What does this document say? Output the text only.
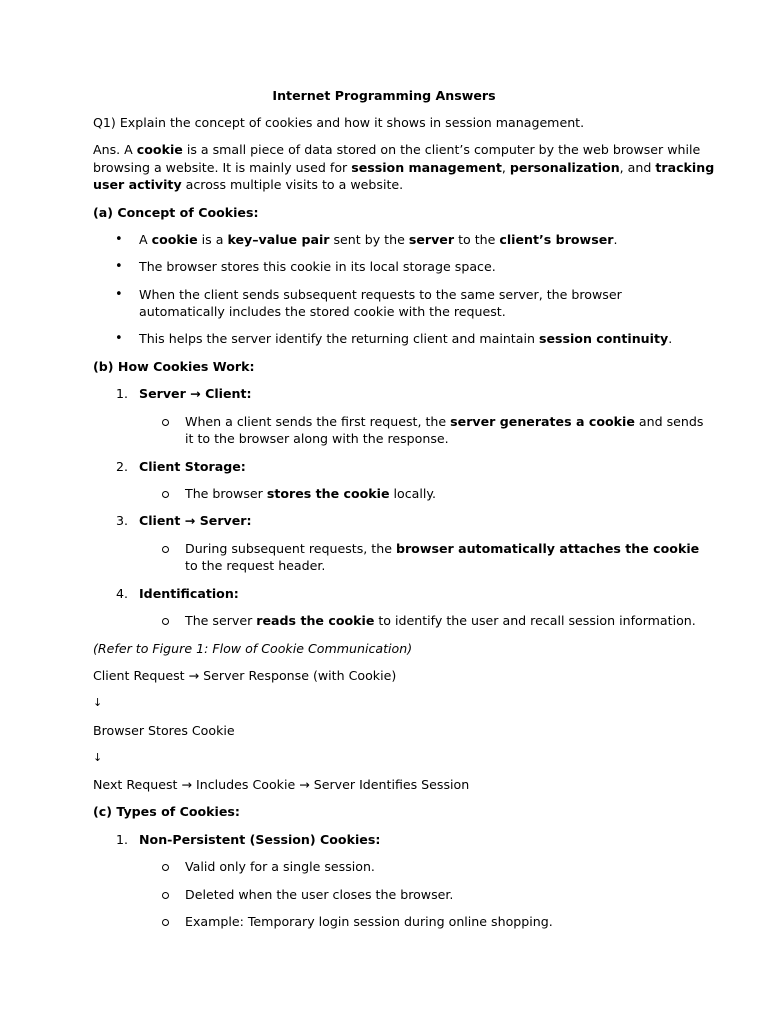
Internet Programming Answers
Q1) Explain the concept of cookies and how it shows in session management.
Ans. A cookie is a small piece of data stored on the client’s computer by the web browser while
browsing a website. It is mainly used for session management, personalization, and tracking
user activity across multiple visits to a website.
(a) Concept of Cookies:
• A cookie is a key–value pair sent by the server to the client’s browser.
• The browser stores this cookie in its local storage space.
• When the client sends subsequent requests to the same server, the browser
automatically includes the stored cookie with the request.
• This helps the server identify the returning client and maintain session continuity.
(b) How Cookies Work:
1. Server → Client:
When a client sends the first request, the server generates a cookie and sends
it to the browser along with the response.
2. Client Storage:
The browser stores the cookie locally.
3. Client → Server:
During subsequent requests, the browser automatically attaches the cookie
to the request header.
4. Identification:
The server reads the cookie to identify the user and recall session information.
(Refer to Figure 1: Flow of Cookie Communication)
Client Request → Server Response (with Cookie)
↓
Browser Stores Cookie
↓
Next Request → Includes Cookie → Server Identifies Session
(c) Types of Cookies:
1. Non-Persistent (Session) Cookies:
Valid only for a single session.
Deleted when the user closes the browser.
Example: Temporary login session during online shopping.
